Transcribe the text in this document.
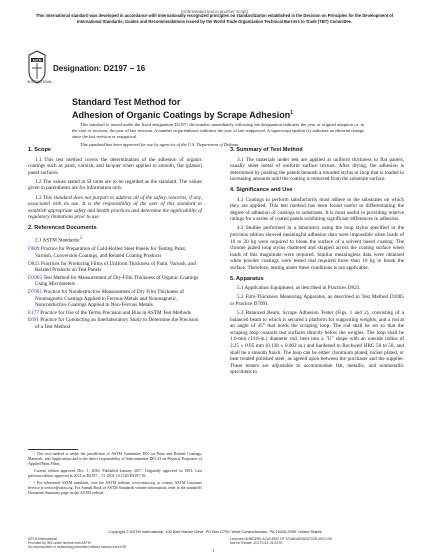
(Abbreviated text in another script)
This international standard was developed in accordance with internationally recognized principles on standardization established in the Decision on Principles for the Development of International Standards, Guides and Recommendations issued by the World Trade Organization Technical Barriers to Trade (TBT) Committee.
ASTM
INTERNATIONAL
Designation: D2197 − 16
Standard Test Method for
Adhesion of Organic Coatings by Scrape Adhesion$^1$

This standard is issued under the fixed designation D2197; the number immediately following the designation indicates the year of original adoption or, in the case of revision, the year of last revision. A number in parentheses indicates the year of last reapproval. A superscript epsilon (ε) indicates an editorial change since the last revision or reapproval.

This standard has been approved for use by agencies of the U.S. Department of Defense.

1. Scope

1.1 This test method covers the determination of the adhesion of organic coatings such as paint, varnish, and lacquer when applied to smooth, flat (planar) panel surfaces.

1.2 The values stated in SI units are to be regarded as the standard. The values given in parentheses are for information only.

1.3 This standard does not purport to address all of the safety concerns, if any, associated with its use. It is the responsibility of the user of this standard to establish appropriate safety and health practices and determine the applicability of regulatory limitations prior to use.

2. Referenced Documents

2.1 ASTM Standards:$^2$

D609 Practice for Preparation of Cold-Rolled Steel Panels for Testing Paint, Varnish, Conversion Coatings, and Related Coating Products
D823 Practices for Producing Films of Uniform Thickness of Paint, Varnish, and Related Products on Test Panels
D1005 Test Method for Measurement of Dry-Film Thickness of Organic Coatings Using Micrometers
D7091 Practice for Nondestructive Measurement of Dry Film Thickness of Nonmagnetic Coatings Applied to Ferrous Metals and Nonmagnetic, Nonconductive Coatings Applied to Non-Ferrous Metals
E177 Practice for Use of the Terms Precision and Bias in ASTM Test Methods
E691 Practice for Conducting an Interlaboratory Study to Determine the Precision of a Test Method

¹ This test method is under the jurisdiction of ASTM Committee D01 on Paint and Related Coatings, Materials, and Applications and is the direct responsibility of Subcommittee D01.23 on Physical Properties of Applied Paint Films.

Current edition approved Dec. 1, 2016. Published January 2017. Originally approved in 1963. Last previous edition approved in 2013 as D2197 – 13. DOI: 10.1520/D2197-16.

² For referenced ASTM standards, visit the ASTM website, www.astm.org, or contact ASTM Customer Service at service@astm.org. For Annual Book of ASTM Standards volume information, refer to the standard's Document Summary page on the ASTM website.

3. Summary of Test Method

3.1 The materials under test are applied at uniform thickness to flat panels, usually sheet metal of uniform surface texture. After drying, the adhesion is determined by pushing the panels beneath a rounded stylus or loop that is loaded in increasing amounts until the coating is removed from the substrate surface.

4. Significance and Use

4.1 Coatings to perform satisfactorily must adhere to the substrates on which they are applied. This test method has been found useful in differentiating the degree of adhesion of coatings to substrates. It is most useful in providing relative ratings for a series of coated panels exhibiting significant differences in adhesion.

4.2 Studies performed in a laboratory using the loop stylus specified in the previous edition showed meaningful adhesion data were impossible when loads of 10 to 20 kg were required to break the surface of a solvent based coating. The chrome plated loop stylus chattered and skipped across the coating surface when loads of this magnitude were required. Similar meaningless data were obtained when powder coatings were tested that required more than 10 kg to break the surface. Therefore, testing under these conditions is not applicable.

5. Apparatus

5.1 Application Equipment, as described in Practices D823.

5.2 Film-Thickness Measuring Apparatus, as described in Test Method D1005 or Practice D7091.

5.3 Balanced Beam, Scrape Adhesion Tester (Figs. 1 and 2), consisting of a balanced beam to which is secured a platform for supporting weights, and a rod at an angle of 45° that holds the scraping loop. The rod shall be set so that the scraping loop contacts test surfaces directly below the weights. The loop shall be 1.6-mm (1⁄16-in.) diameter rod, bent into a "U" shape with an outside radius of 3.25 ± 0.05 mm (0.128 ± 0.002 in.) and hardened to Rockwell HRC 56 to 58, and shall be a smooth finish. The loop can be either chromium plated, nickel plated, or heat treated polished steel, as agreed upon between the purchaser and the supplier. These testers are adjustable to accommodate flat, metallic, and nonmetallic specimens to

Copyright © ASTM International, 100 Barr Harbor Drive, PO Box C700, West Conshohocken, PA 19428-2959. United States
ASTM International
Provided by IHS under license with ASTM
No reproduction or networking permitted without license from IHS
Licensee=WINDERS ACADEMY OF STANDARDIZATION MOC108
Not for Resale, 2017/1/21 01:02:57
1
